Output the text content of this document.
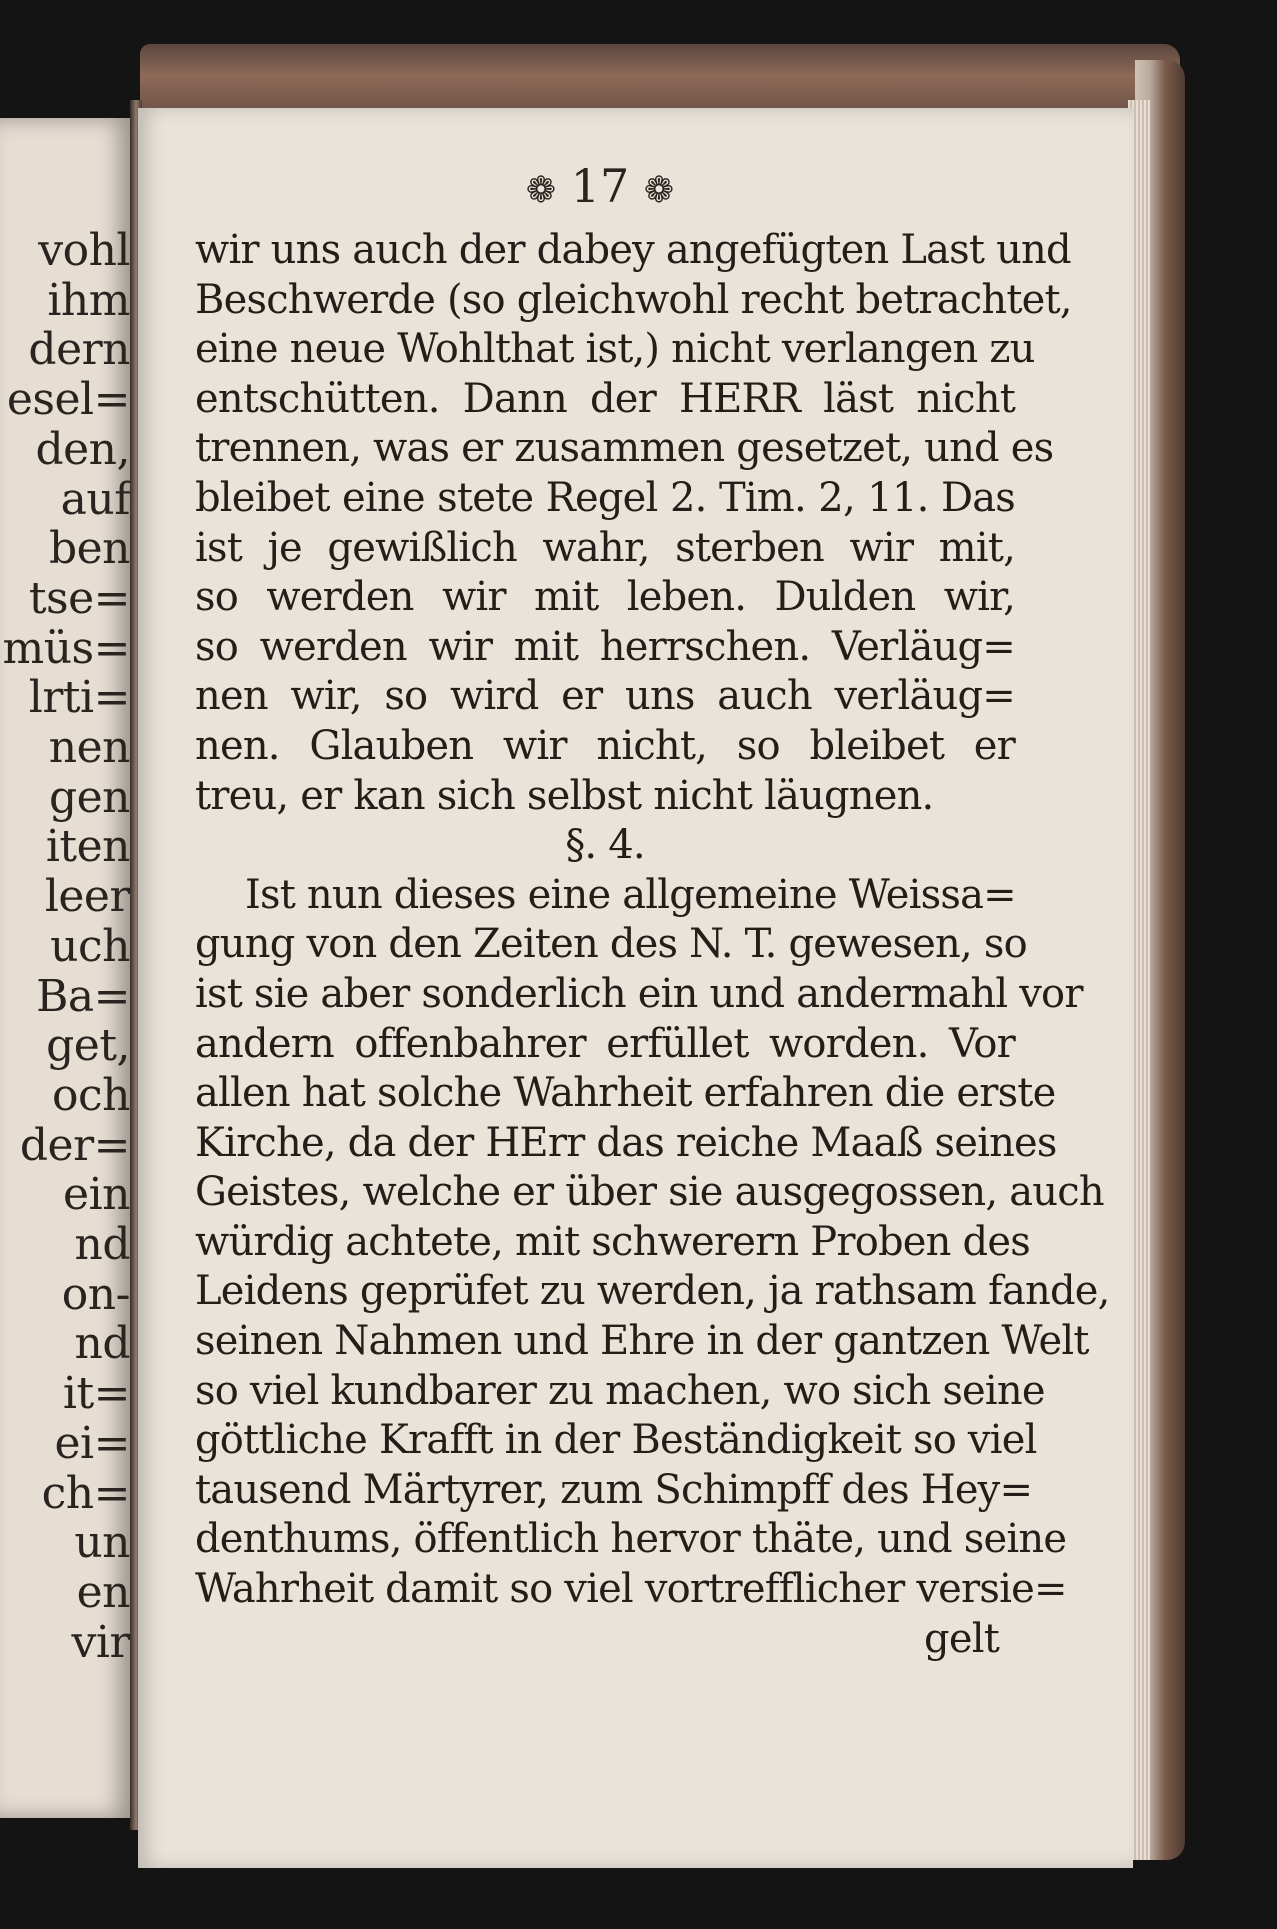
vohl
ihm
dern
esel=
den,
auf
ben
tse=
müs=
lrti=
nen
gen
iten
leer
uch
Ba=
get,
och
der=
ein
nd
on-
nd
it=
ei=
ch=
un
en
vir
❁ 17 ❁
wir uns auch der dabey angefügten Last und
Beschwerde (so gleichwohl recht betrachtet,
eine neue Wohlthat ist,) nicht verlangen zu
entschütten. Dann der HERR läst nicht
trennen, was er zusammen gesetzet, und es
bleibet eine stete Regel 2. Tim. 2, 11. Das
ist je gewißlich wahr, sterben wir mit,
so werden wir mit leben. Dulden wir,
so werden wir mit herrschen. Verläug=
nen wir, so wird er uns auch verläug=
nen. Glauben wir nicht, so bleibet er
treu, er kan sich selbst nicht läugnen.
§. 4.
Ist nun dieses eine allgemeine Weissa=
gung von den Zeiten des N. T. gewesen, so
ist sie aber sonderlich ein und andermahl vor
andern offenbahrer erfüllet worden. Vor
allen hat solche Wahrheit erfahren die erste
Kirche, da der HErr das reiche Maaß seines
Geistes, welche er über sie ausgegossen, auch
würdig achtete, mit schwerern Proben des
Leidens geprüfet zu werden, ja rathsam fande,
seinen Nahmen und Ehre in der gantzen Welt
so viel kundbarer zu machen, wo sich seine
göttliche Krafft in der Beständigkeit so viel
tausend Märtyrer, zum Schimpff des Hey=
denthums, öffentlich hervor thäte, und seine
Wahrheit damit so viel vortrefflicher versie=
gelt
